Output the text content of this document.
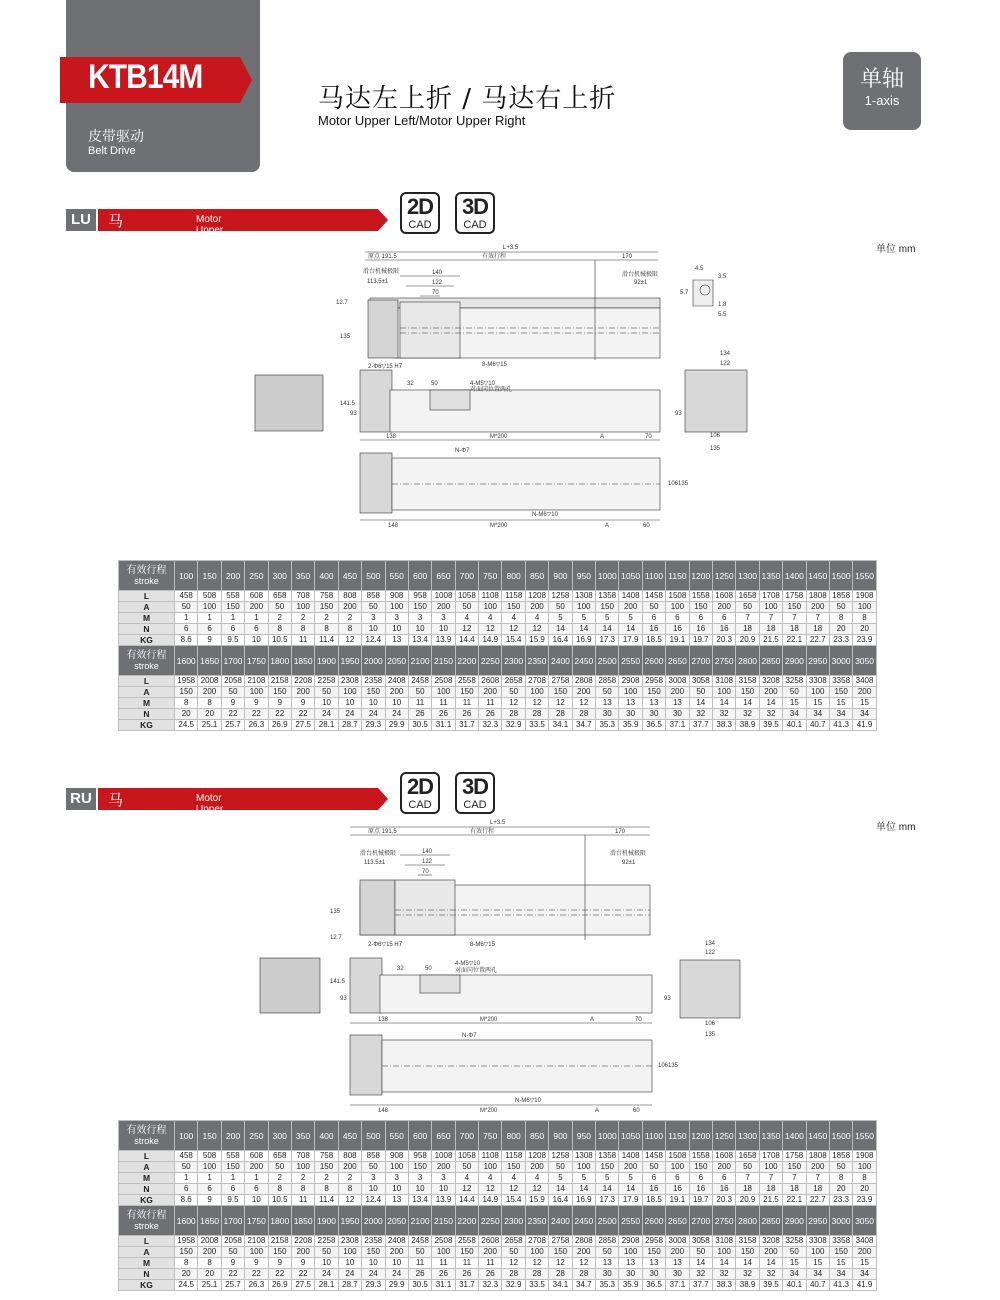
KTB14M
皮带驱动
Belt Drive
马达左上折 / 马达右上折
Motor Upper Left/Motor Upper Right
单轴
1-axis
LU	马达左上折
Motor Upper Left
2D
CAD
3D
CAD
单位 mm
L+3.5
原点 191.5	有效行程	170
滑台机械极限
113.5±1
滑台机械极限
92±1
140
122
70
135
12.7
2-Φ6▽15 H7	8-M6▽15
4.5
3.5
5.7
1.8
5.5
4-M5▽10
对面同位置两孔
32	50
141.5
93
138	M*200	A	70
134
122
93
106
135
N-Φ7
106 135
N-M6▽10
148	M*200	A	60
有效行程
stroke	100	150	200	250	300	350	400	450	500	550	600	650	700	750	800	850	900	950	1000	1050	1100	1150	1200	1250	1300	1350	1400	1450	1500	1550
L	458	508	558	608	658	708	758	808	858	908	958	1008	1058	1108	1158	1208	1258	1308	1358	1408	1458	1508	1558	1608	1658	1708	1758	1808	1858	1908
A	50	100	150	200	50	100	150	200	50	100	150	200	50	100	150	200	50	100	150	200	50	100	150	200	50	100	150	200	50	100
M	1	1	1	1	2	2	2	2	3	3	3	3	4	4	4	4	5	5	5	5	6	6	6	6	7	7	7	7	8	8
N	6	6	6	6	8	8	8	8	10	10	10	10	12	12	12	12	14	14	14	14	16	16	16	16	18	18	18	18	20	20
KG	8.6	9	9.5	10	10.5	11	11.4	12	12.4	13	13.4	13.9	14.4	14.9	15.4	15.9	16.4	16.9	17.3	17.9	18.5	19.1	19.7	20.3	20.9	21.5	22.1	22.7	23.3	23.9

有效行程
stroke	1600	1650	1700	1750	1800	1850	1900	1950	2000	2050	2100	2150	2200	2250	2300	2350	2400	2450	2500	2550	2600	2650	2700	2750	2800	2850	2900	2950	3000	3050
L	1958	2008	2058	2108	2158	2208	2258	2308	2358	2408	2458	2508	2558	2608	2658	2708	2758	2808	2858	2908	2958	3008	3058	3108	3158	3208	3258	3308	3358	3408
A	150	200	50	100	150	200	50	100	150	200	50	100	150	200	50	100	150	200	50	100	150	200	50	100	150	200	50	100	150	200
M	8	8	9	9	9	9	10	10	10	10	11	11	11	11	12	12	12	12	13	13	13	13	14	14	14	14	15	15	15	15
N	20	20	22	22	22	22	24	24	24	24	26	26	26	26	28	28	28	28	30	30	30	30	32	32	32	32	34	34	34	34
KG	24.5	25.1	25.7	26.3	26.9	27.5	28.1	28.7	29.3	29.9	30.5	31.1	31.7	32.3	32.9	33.5	34.1	34.7	35.3	35.9	36.5	37.1	37.7	38.3	38.9	39.5	40.1	40.7	41.3	41.9
RU 马达右上折
Motor Upper Right
2D
CAD
3D
CAD
单位 mm
L+3.5
原点 191.5	有效行程	170
滑台机械极限
113.5±1
滑台机械极限
92±1
140
122
70
135
12.7
2-Φ6▽15 H7	8-M6▽15
4-M5▽10
对面同位置两孔
32	50
141.5
93
138	M*200	A	70
134
122
93
106
135
N-Φ7
106 135
N-M6▽10
148	M*200	A	60
有效行程
stroke	100	150	200	250	300	350	400	450	500	550	600	650	700	750	800	850	900	950	1000	1050	1100	1150	1200	1250	1300	1350	1400	1450	1500	1550
L	458	508	558	608	658	708	758	808	858	908	958	1008	1058	1108	1158	1208	1258	1308	1358	1408	1458	1508	1558	1608	1658	1708	1758	1808	1858	1908
A	50	100	150	200	50	100	150	200	50	100	150	200	50	100	150	200	50	100	150	200	50	100	150	200	50	100	150	200	50	100
M	1	1	1	1	2	2	2	2	3	3	3	3	4	4	4	4	5	5	5	5	6	6	6	6	7	7	7	7	8	8
N	6	6	6	6	8	8	8	8	10	10	10	10	12	12	12	12	14	14	14	14	16	16	16	16	18	18	18	18	20	20
KG	8.6	9	9.5	10	10.5	11	11.4	12	12.4	13	13.4	13.9	14.4	14.9	15.4	15.9	16.4	16.9	17.3	17.9	18.5	19.1	19.7	20.3	20.9	21.5	22.1	22.7	23.3	23.9

有效行程
stroke	1600	1650	1700	1750	1800	1850	1900	1950	2000	2050	2100	2150	2200	2250	2300	2350	2400	2450	2500	2550	2600	2650	2700	2750	2800	2850	2900	2950	3000	3050
L	1958	2008	2058	2108	2158	2208	2258	2308	2358	2408	2458	2508	2558	2608	2658	2708	2758	2808	2858	2908	2958	3008	3058	3108	3158	3208	3258	3308	3358	3408
A	150	200	50	100	150	200	50	100	150	200	50	100	150	200	50	100	150	200	50	100	150	200	50	100	150	200	50	100	150	200
M	8	8	9	9	9	9	10	10	10	10	11	11	11	11	12	12	12	12	13	13	13	13	14	14	14	14	15	15	15	15
N	20	20	22	22	22	22	24	24	24	24	26	26	26	26	28	28	28	28	30	30	30	30	32	32	32	32	34	34	34	34
KG	24.5	25.1	25.7	26.3	26.9	27.5	28.1	28.7	29.3	29.9	30.5	31.1	31.7	32.3	32.9	33.5	34.1	34.7	35.3	35.9	36.5	37.1	37.7	38.3	38.9	39.5	40.1	40.7	41.3	41.9
